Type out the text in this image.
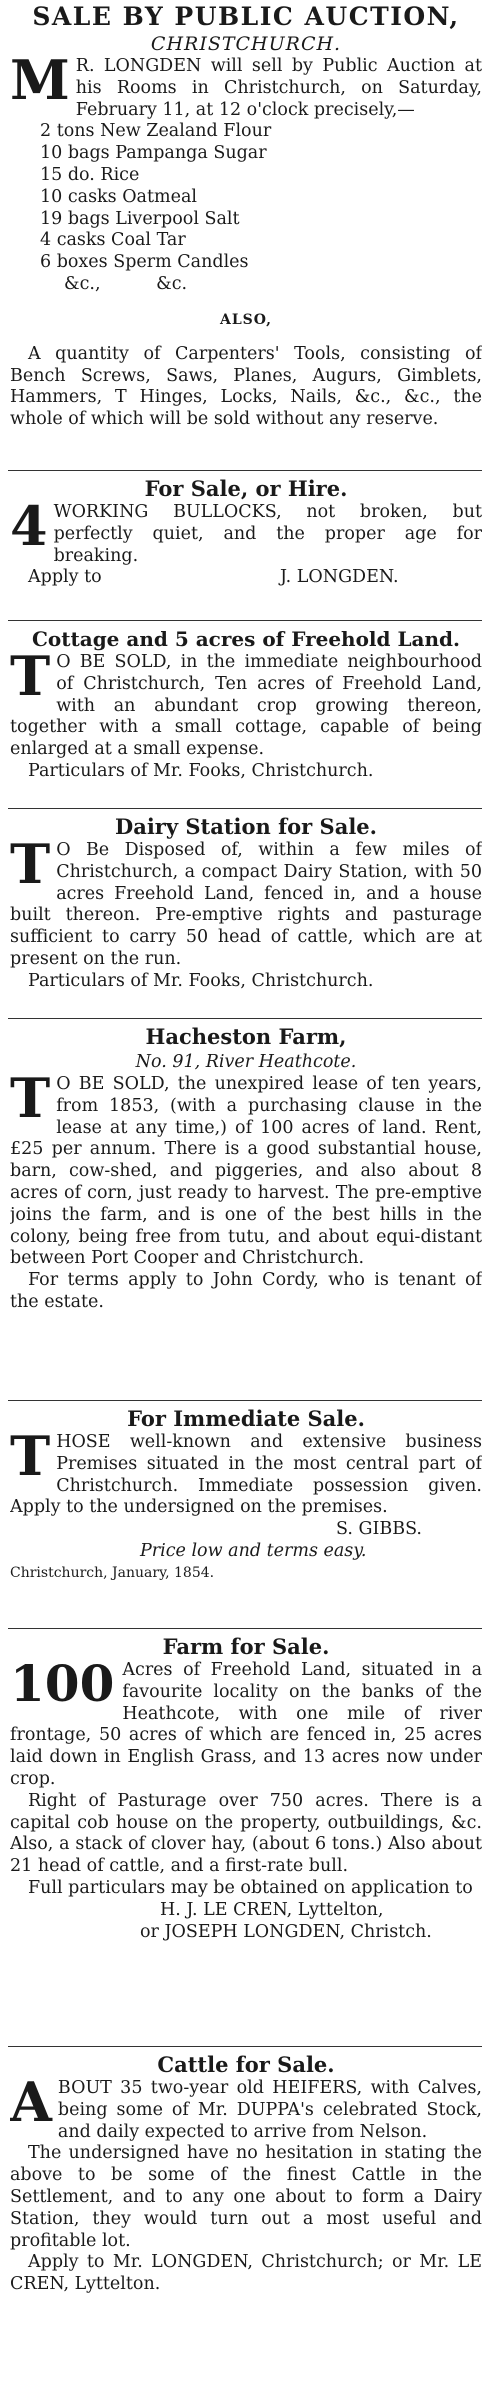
SALE BY PUBLIC AUCTION,

CHRISTCHURCH.

M R. LONGDEN will sell by Public Auction at his Rooms in Christchurch, on Saturday, February 11, at 12 o'clock precisely,—

2 tons New Zealand Flour
10 bags Pampanga Sugar
15 do. Rice
10 casks Oatmeal
19 bags Liverpool Salt
4 casks Coal Tar
6 boxes Sperm Candles
&c.,          &c.

ALSO,

A quantity of Carpenters' Tools, consisting of Bench Screws, Saws, Planes, Augurs, Gimblets, Hammers, T Hinges, Locks, Nails, &c., &c., the whole of which will be sold without any reserve.

For Sale, or Hire.

4 WORKING BULLOCKS, not broken, but perfectly quiet, and the proper age for breaking.

Apply to	J. LONGDEN.

Cottage and 5 acres of Freehold Land.

T O BE SOLD, in the immediate neighbourhood of Christchurch, Ten acres of Freehold Land, with an abundant crop growing thereon, together with a small cottage, capable of being enlarged at a small expense.

Particulars of Mr. Fooks, Christchurch.

Dairy Station for Sale.

T O Be Disposed of, within a few miles of Christchurch, a compact Dairy Station, with 50 acres Freehold Land, fenced in, and a house built thereon. Pre-emptive rights and pasturage sufficient to carry 50 head of cattle, which are at present on the run.

Particulars of Mr. Fooks, Christchurch.

Hacheston Farm,

No. 91, River Heathcote.

T O BE SOLD, the unexpired lease of ten years, from 1853, (with a purchasing clause in the lease at any time,) of 100 acres of land. Rent, £25 per annum. There is a good substantial house, barn, cow-shed, and piggeries, and also about 8 acres of corn, just ready to harvest. The pre-emptive joins the farm, and is one of the best hills in the colony, being free from tutu, and about equi-distant between Port Cooper and Christchurch.

For terms apply to John Cordy, who is tenant of the estate.

For Immediate Sale.

T HOSE well-known and extensive business Premises situated in the most central part of Christchurch. Immediate possession given. Apply to the undersigned on the premises.

S. GIBBS.

Price low and terms easy.

Christchurch, January, 1854.

Farm for Sale.

100 Acres of Freehold Land, situated in a favourite locality on the banks of the Heathcote, with one mile of river frontage, 50 acres of which are fenced in, 25 acres laid down in English Grass, and 13 acres now under crop.

Right of Pasturage over 750 acres. There is a capital cob house on the property, outbuildings, &c. Also, a stack of clover hay, (about 6 tons.) Also about 21 head of cattle, and a first-rate bull.

Full particulars may be obtained on application to

H. J. LE CREN, Lyttelton,

or JOSEPH LONGDEN, Christch.

Cattle for Sale.

A BOUT 35 two-year old HEIFERS, with Calves, being some of Mr. DUPPA's celebrated Stock, and daily expected to arrive from Nelson.

The undersigned have no hesitation in stating the above to be some of the finest Cattle in the Settlement, and to any one about to form a Dairy Station, they would turn out a most useful and profitable lot.

Apply to Mr. LONGDEN, Christchurch; or Mr. LE CREN, Lyttelton.
